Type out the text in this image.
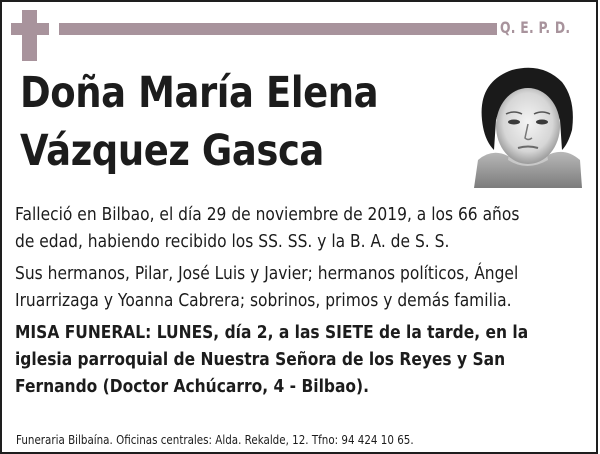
Q. E. P. D.
Doña María Elena
Vázquez Gasca
Falleció en Bilbao, el día 29 de noviembre de 2019, a los 66 años
de edad, habiendo recibido los SS. SS. y la B. A. de S. S.
Sus hermanos, Pilar, José Luis y Javier; hermanos políticos, Ángel
Iruarrizaga y Yoanna Cabrera; sobrinos, primos y demás familia.
MISA FUNERAL: LUNES, día 2, a las SIETE de la tarde, en la
iglesia parroquial de Nuestra Señora de los Reyes y San
Fernando (Doctor Achúcarro, 4 - Bilbao).
Funeraria Bilbaína. Oficinas centrales: Alda. Rekalde, 12. Tfno: 94 424 10 65.
